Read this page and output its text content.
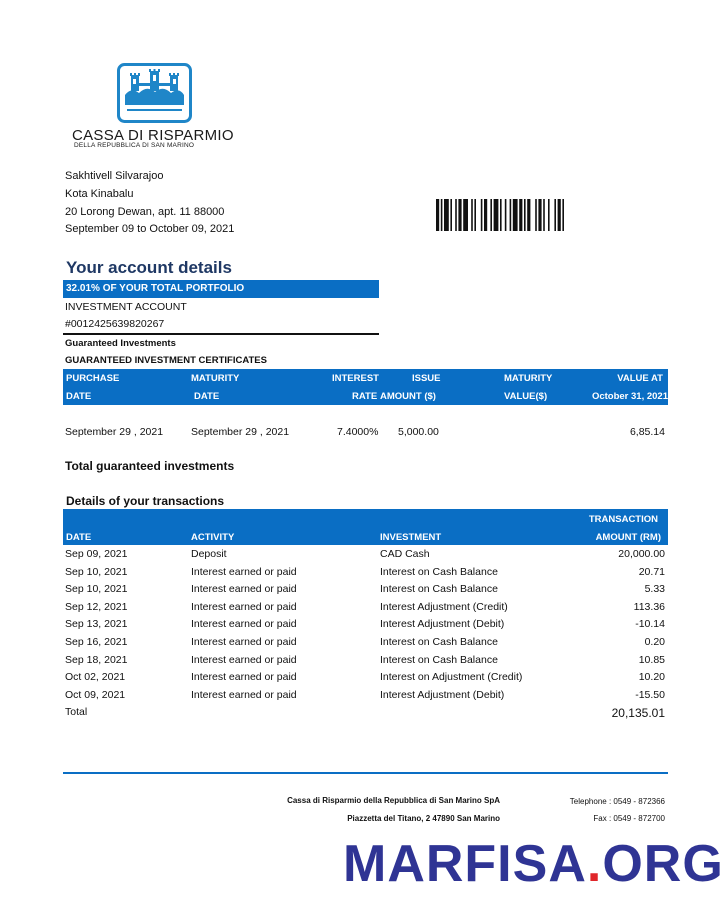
CASSA DI RISPARMIO
DELLA REPUBBLICA DI SAN MARINO
Sakhtivell Silvarajoo
Kota Kinabalu
20 Lorong Dewan, apt. 11 88000
September 09 to October 09, 2021
Your account details
32.01% OF YOUR TOTAL PORTFOLIO
INVESTMENT ACCOUNT
#0012425639820267
Guaranteed Investments
GUARANTEED INVESTMENT CERTIFICATES
PURCHASE	MATURITY	INTEREST	ISSUE	MATURITY	VALUE AT
DATE	DATE	RATE AMOUNT ($)	VALUE($)	October 31, 2021
September 29 , 2021	September 29 , 2021	7.4000% 5,000.00	6,85.14
Total guaranteed investments
Details of your transactions
DATE	ACTIVITY	INVESTMENT
TRANSACTION
AMOUNT (RM)
Sep 09, 2021	Deposit	CAD Cash	20,000.00
Sep 10, 2021	Interest earned or paid	Interest on Cash Balance	20.71
Sep 10, 2021	Interest earned or paid	Interest on Cash Balance	5.33
Sep 12, 2021	Interest earned or paid	Interest Adjustment (Credit)	113.36
Sep 13, 2021	Interest earned or paid	Interest Adjustment (Debit)	-10.14
Sep 16, 2021	Interest earned or paid	Interest on Cash Balance	0.20
Sep 18, 2021	Interest earned or paid	Interest on Cash Balance	10.85
Oct 02, 2021	Interest earned or paid	Interest on Adjustment (Credit)	10.20
Oct 09, 2021	Interest earned or paid	Interest Adjustment (Debit)	-15.50
Total	20,135.01
Cassa di Risparmio della Repubblica di San Marino SpA
Piazzetta del Titano, 2 47890 San Marino
Telephone : 0549 - 872366
Fax : 0549 - 872700
MARFISA.ORG
